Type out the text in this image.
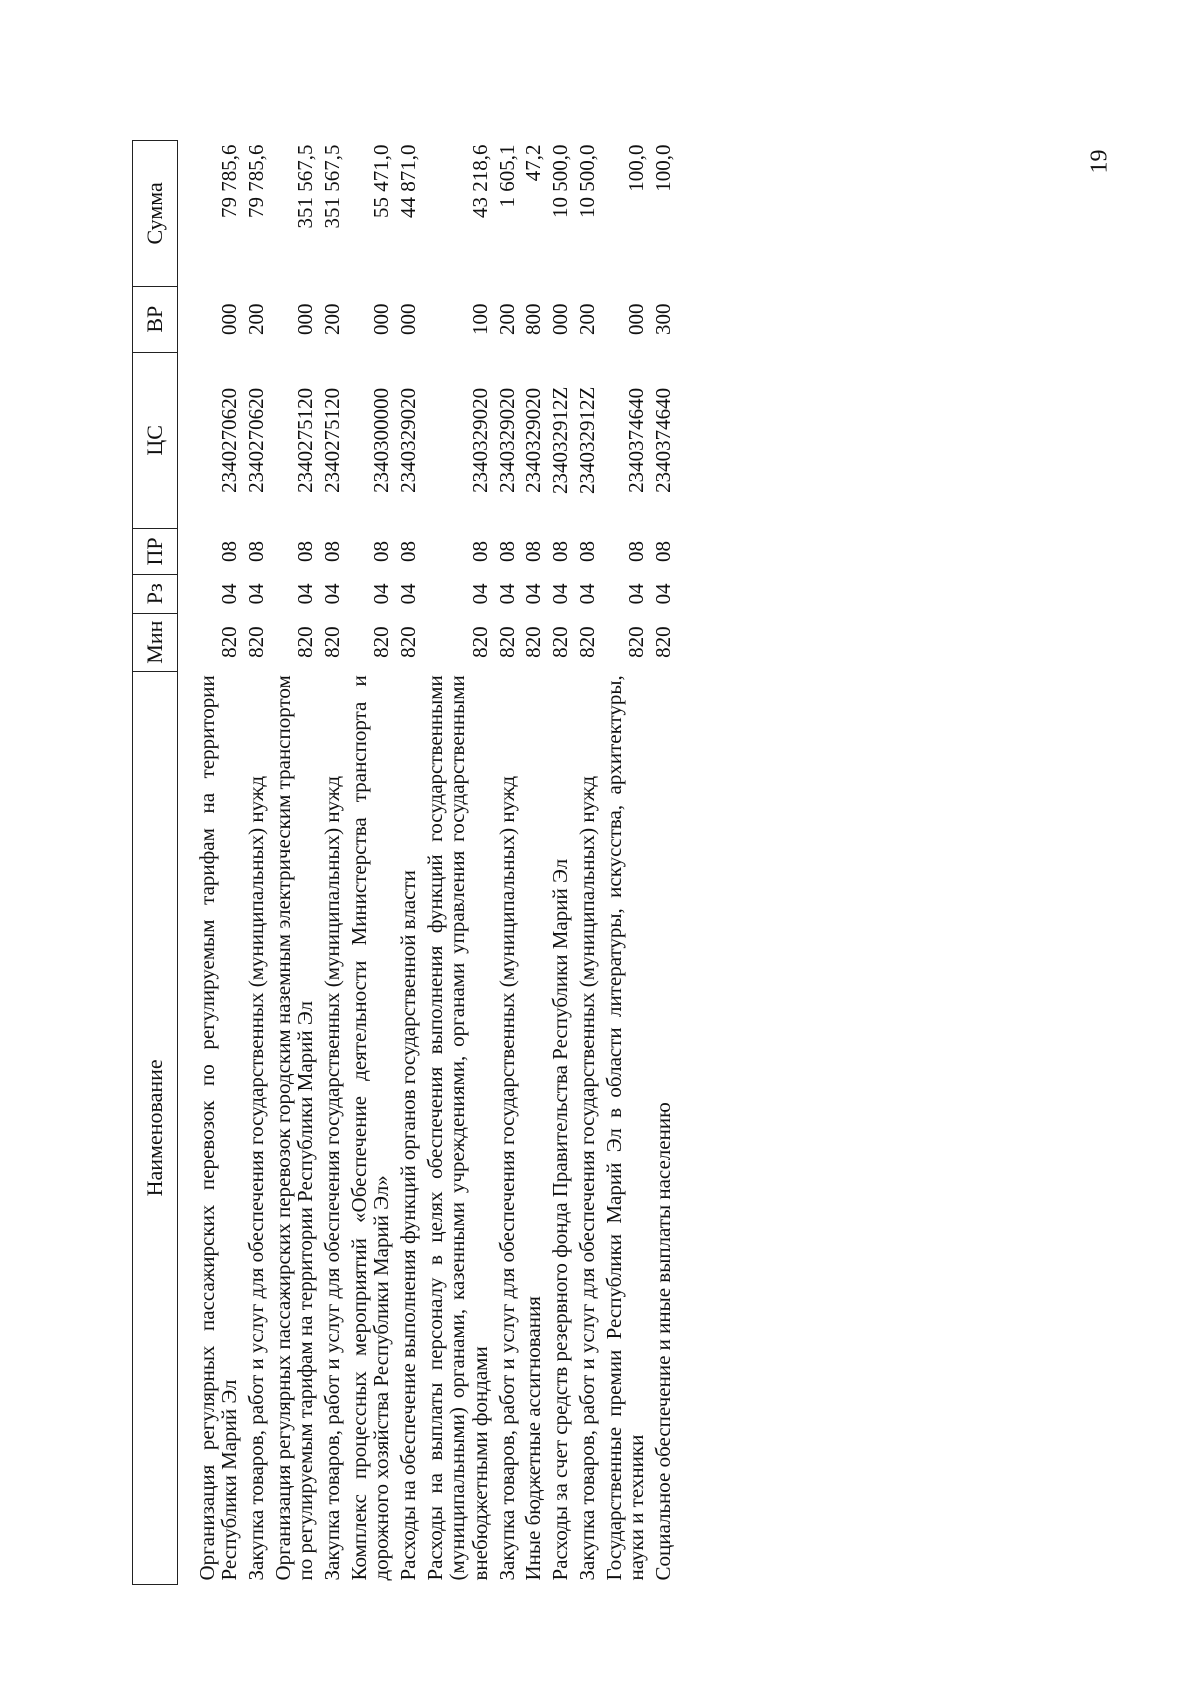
19
Наименование	Мин	Рз	ПР	ЦС	ВР	Сумма
Организация регулярных пассажирских перевозок по регулируемым тарифам на территории Республики Марий Эл	820	04	08	2340270620	000	79 785,6
Закупка товаров, работ и услуг для обеспечения государственных (муниципальных) нужд	820	04	08	2340270620	200	79 785,6
Организация регулярных пассажирских перевозок городским наземным электрическим транспортом по регулируемым тарифам на территории Республики Марий Эл	820	04	08	2340275120	000	351 567,5
Закупка товаров, работ и услуг для обеспечения государственных (муниципальных) нужд	820	04	08	2340275120	200	351 567,5
Комплекс процессных мероприятий «Обеспечение деятельности Министерства транспорта и дорожного хозяйства Республики Марий Эл»	820	04	08	2340300000	000	55 471,0
Расходы на обеспечение выполнения функций органов государственной власти	820	04	08	2340329020	000	44 871,0
Расходы на выплаты персоналу в целях обеспечения выполнения функций государственными (муниципальными) органами, казенными учреждениями, органами управления государственными внебюджетными фондами	820	04	08	2340329020	100	43 218,6
Закупка товаров, работ и услуг для обеспечения государственных (муниципальных) нужд	820	04	08	2340329020	200	1 605,1
Иные бюджетные ассигнования	820	04	08	2340329020	800	47,2
Расходы за счет средств резервного фонда Правительства Республики Марий Эл	820	04	08	234032912Z	000	10 500,0
Закупка товаров, работ и услуг для обеспечения государственных (муниципальных) нужд	820	04	08	234032912Z	200	10 500,0
Государственные премии Республики Марий Эл в области литературы, искусства, архитектуры, науки и техники	820	04	08	2340374640	000	100,0
Социальное обеспечение и иные выплаты населению	820	04	08	2340374640	300	100,0
